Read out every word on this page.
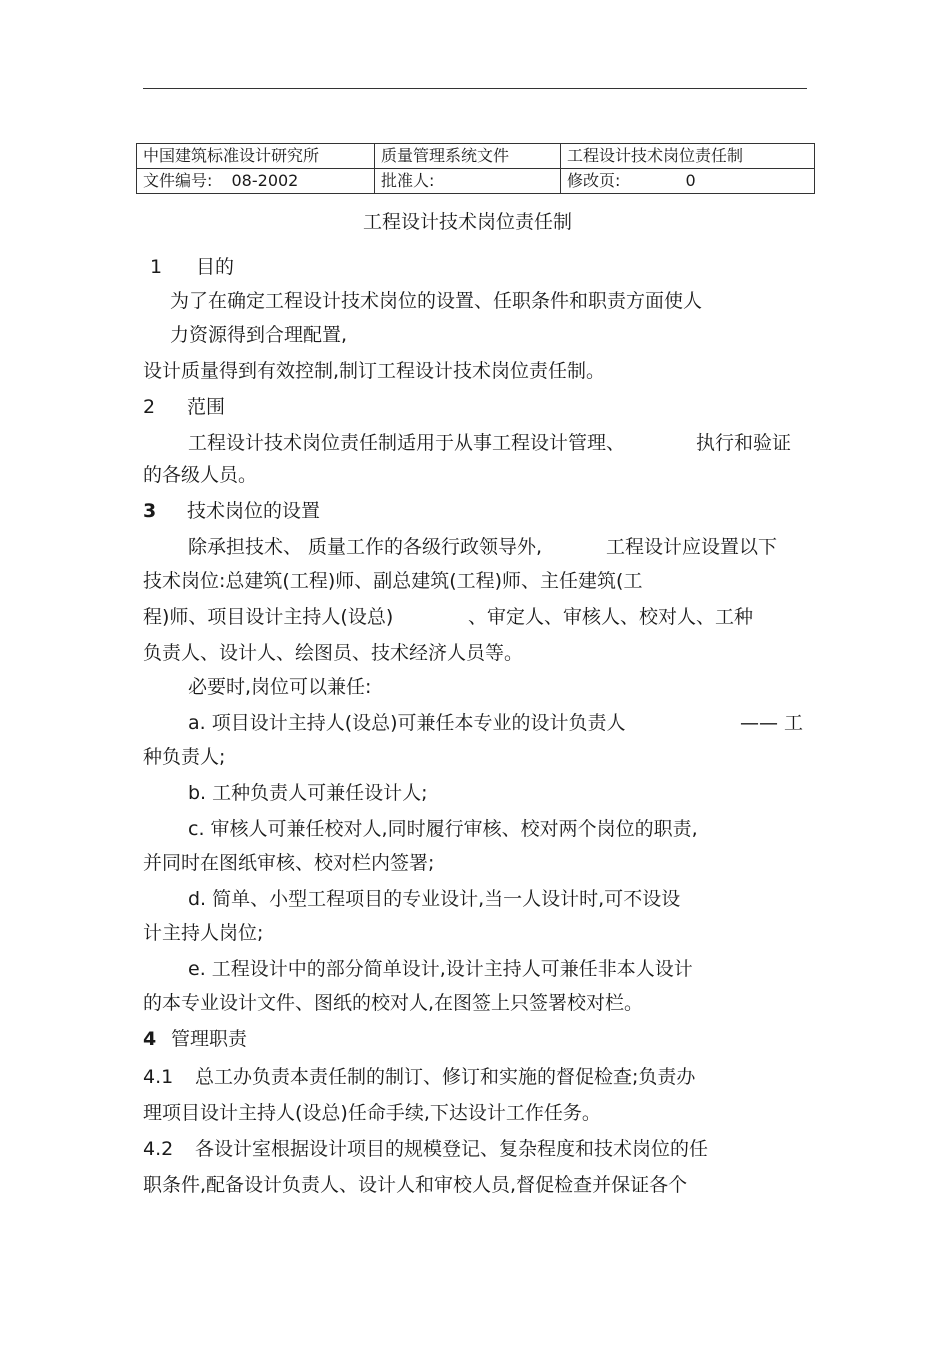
中国建筑标准设计研究所	质量管理系统文件	工程设计技术岗位责任制
文件编号: 08-2002	批准人:	修改页: 0
工程设计技术岗位责任制
1 目的
为了在确定工程设计技术岗位的设置、任职条件和职责方面使人
力资源得到合理配置,
设计质量得到有效控制,制订工程设计技术岗位责任制。
2 范围
工程设计技术岗位责任制适用于从事工程设计管理、	执行和验证
的各级人员。
3 技术岗位的设置
除承担技术、 质量工作的各级行政领导外,	工程设计应设置以下
技术岗位:总建筑(工程)师、副总建筑(工程)师、主任建筑(工
程)师、项目设计主持人(设总)	、审定人、审核人、校对人、工种
负责人、设计人、绘图员、技术经济人员等。
必要时,岗位可以兼任:
a. 项目设计主持人(设总)可兼任本专业的设计负责人	—— 工
种负责人;
b. 工种负责人可兼任设计人;
c. 审核人可兼任校对人,同时履行审核、校对两个岗位的职责,
并同时在图纸审核、校对栏内签署;
d. 简单、小型工程项目的专业设计,当一人设计时,可不设设
计主持人岗位;
e. 工程设计中的部分简单设计,设计主持人可兼任非本人设计
的本专业设计文件、图纸的校对人,在图签上只签署校对栏。
4 管理职责
4.1 总工办负责本责任制的制订、修订和实施的督促检查;负责办
理项目设计主持人(设总)任命手续,下达设计工作任务。
4.2 各设计室根据设计项目的规模登记、复杂程度和技术岗位的任
职条件,配备设计负责人、设计人和审校人员,督促检查并保证各个
